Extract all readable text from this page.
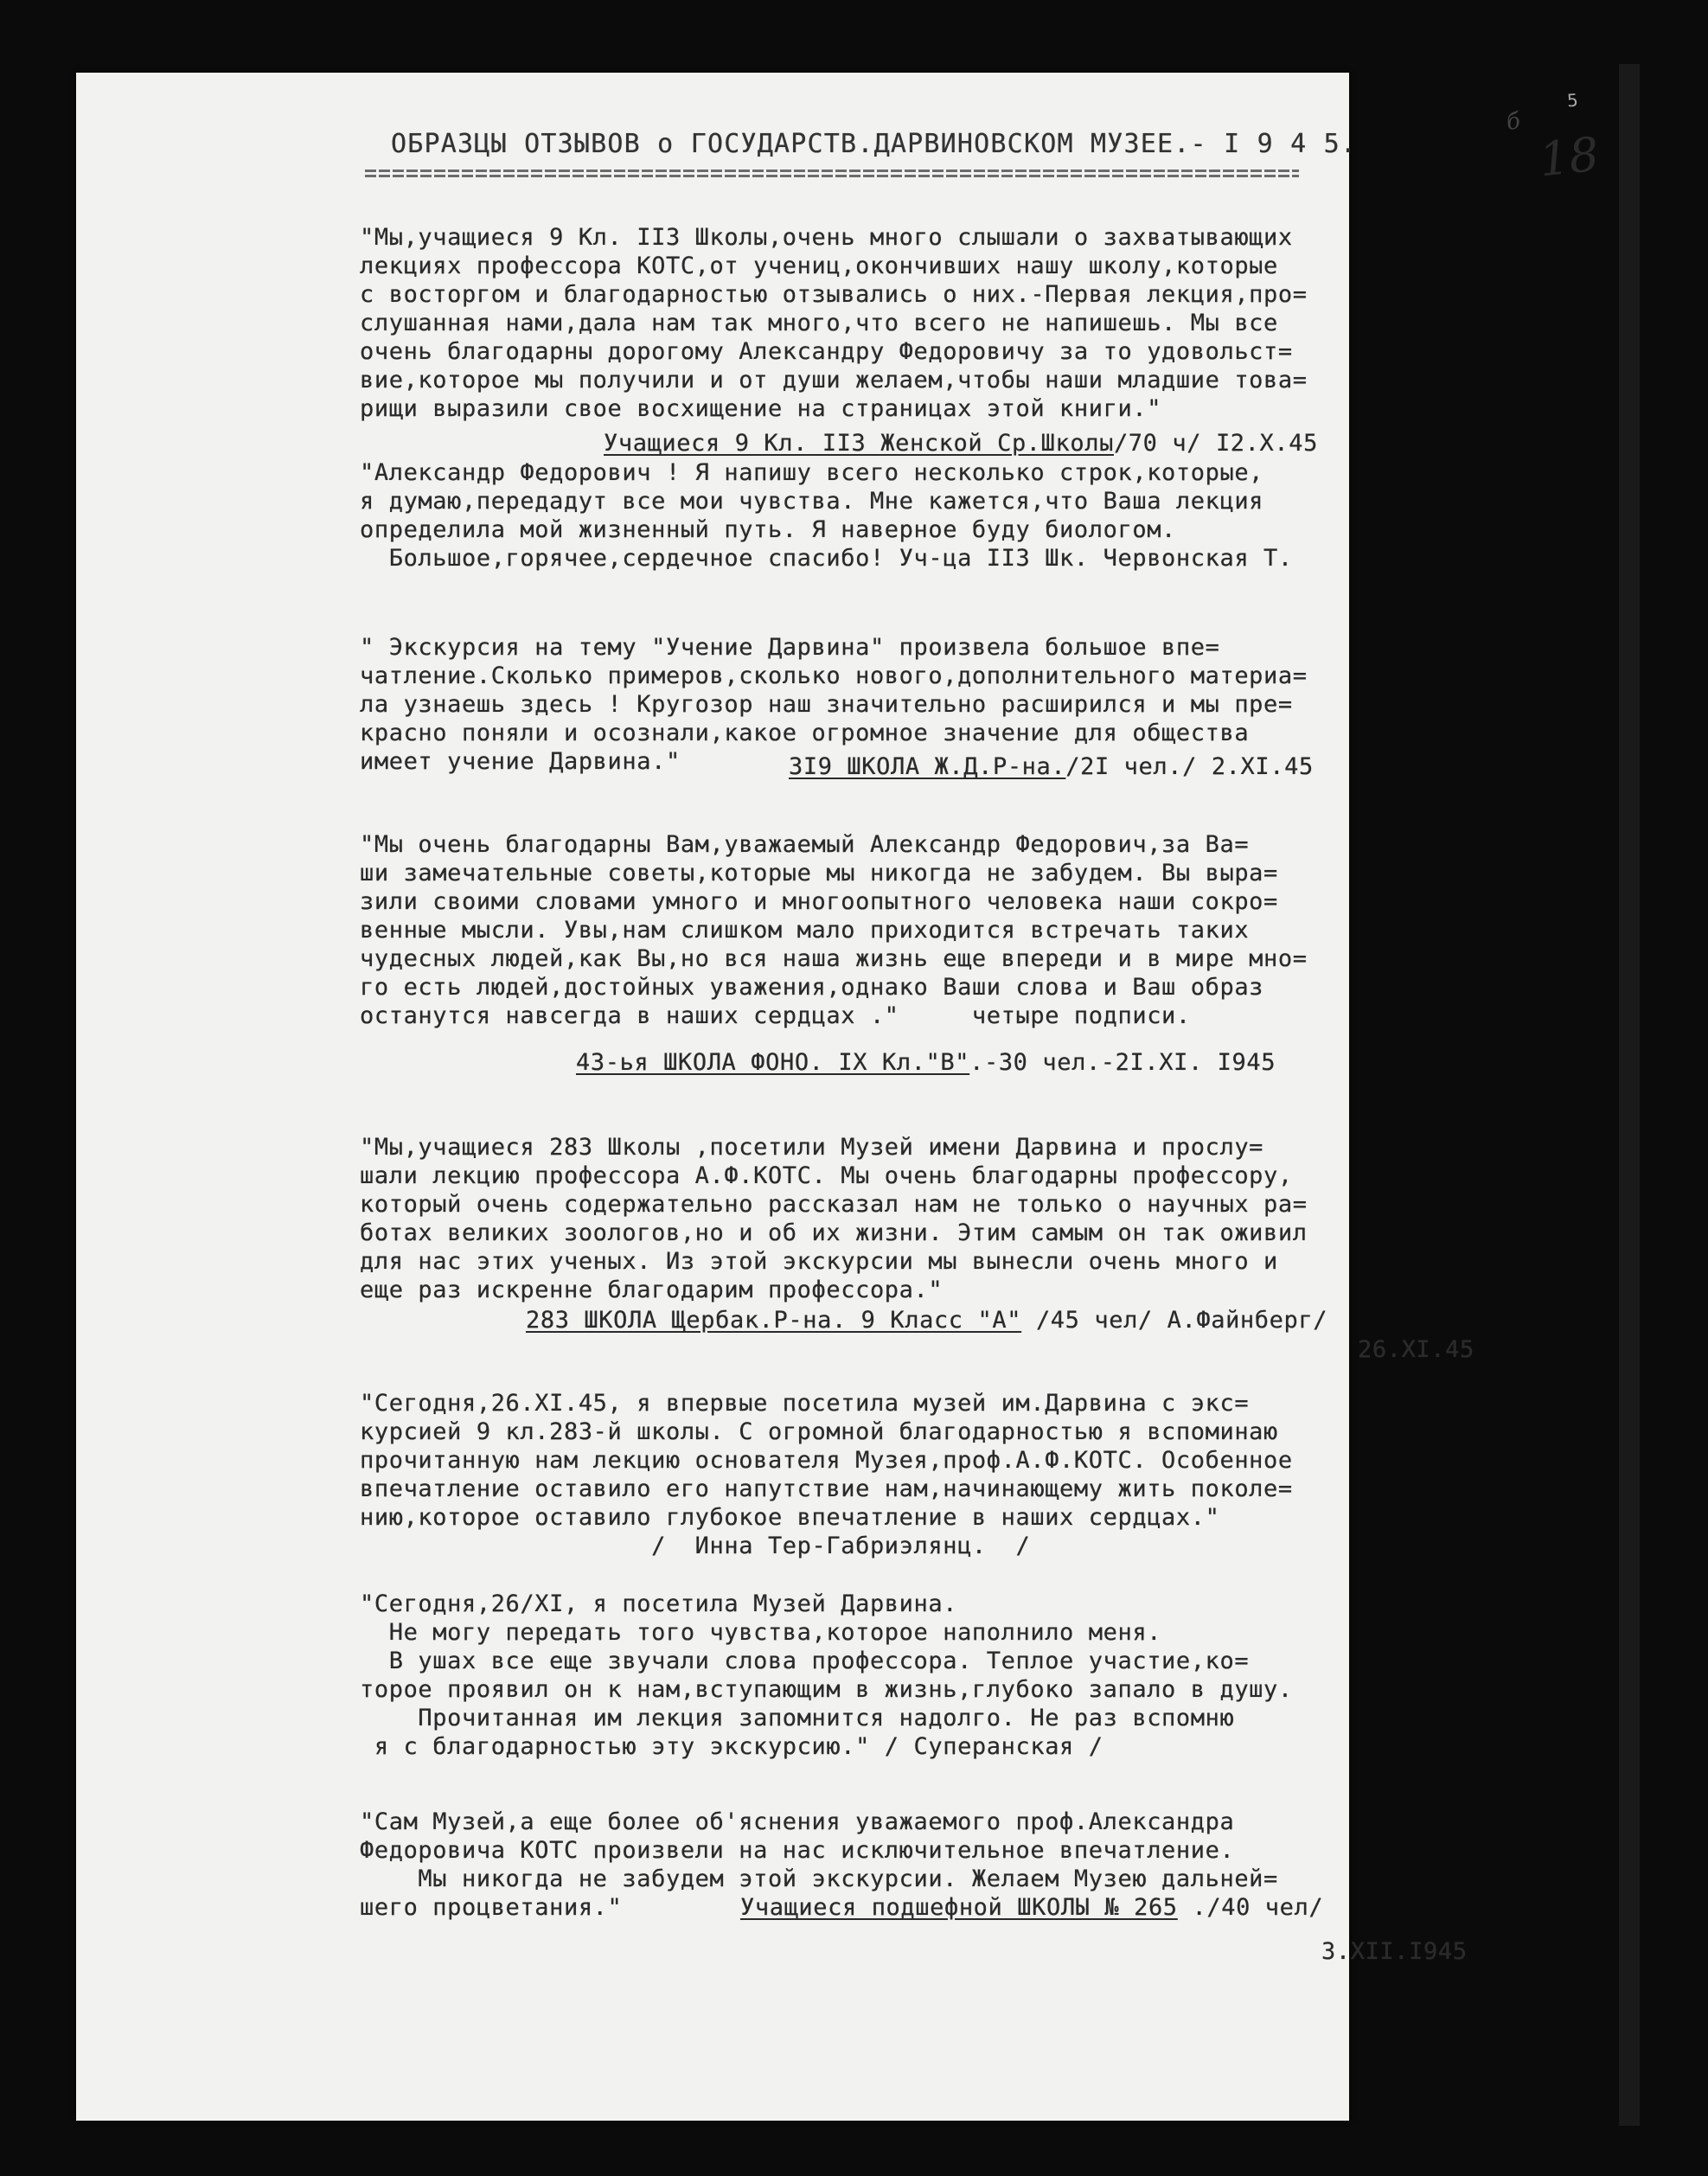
5
б
18
ОБРАЗЦЫ ОТЗЫВОВ о ГОСУДАРСТВ.ДАРВИНОВСКОМ МУЗЕЕ.- I 9 4 5.
"Мы,учащиеся 9 Кл. II3 Школы,очень много слышали о захватывающих
лекциях профессора КОТС,от учениц,окончивших нашу школу,которые
с восторгом и благодарностью отзывались о них.-Первая лекция,про=
слушанная нами,дала нам так много,что всего не напишешь. Мы все
очень благодарны дорогому Александру Федоровичу за то удовольст=
вие,которое мы получили и от души желаем,чтобы наши младшие това=
рищи выразили свое восхищение на страницах этой книги."
Учащиеся 9 Кл. II3 Женской Ср.Школы/70 ч/ I2.X.45
"Александр Федорович ! Я напишу всего несколько строк,которые,
я думаю,передадут все мои чувства. Мне кажется,что Ваша лекция
определила мой жизненный путь. Я наверное буду биологом.
Большое,горячее,сердечное спасибо! Уч-ца II3 Шк. Червонская Т.
" Экскурсия на тему "Учение Дарвина" произвела большое впе=
чатление.Сколько примеров,сколько нового,дополнительного материа=
ла узнаешь здесь ! Кругозор наш значительно расширился и мы пре=
красно поняли и осознали,какое огромное значение для общества
имеет учение Дарвина."	3I9 ШКОЛА Ж.Д.Р-на./2I чел./ 2.XI.45
"Мы очень благодарны Вам,уважаемый Александр Федорович,за Ва=
ши замечательные советы,которые мы никогда не забудем. Вы выра=
зили своими словами умного и многоопытного человека наши сокро=
венные мысли. Увы,нам слишком мало приходится встречать таких
чудесных людей,как Вы,но вся наша жизнь еще впереди и в мире мно=
го есть людей,достойных уважения,однако Ваши слова и Ваш образ
останутся навсегда в наших сердцах ."     четыре подписи.
43-ья ШКОЛА ФОНО. IX Кл."В".-30 чел.-2I.XI. I945
"Мы,учащиеся 283 Школы ,посетили Музей имени Дарвина и прослу=
шали лекцию профессора А.Ф.КОТС. Мы очень благодарны профессору,
который очень содержательно рассказал нам не только о научных ра=
ботах великих зоологов,но и об их жизни. Этим самым он так оживил
для нас этих ученых. Из этой экскурсии мы вынесли очень много и
еще раз искренне благодарим профессора."
283 ШКОЛА Щербак.Р-на. 9 Класс "А" /45 чел/ А.Файнберг/
26.XI.45
"Сегодня,26.XI.45, я впервые посетила музей им.Дарвина с экс=
курсией 9 кл.283-й школы. С огромной благодарностью я вспоминаю
прочитанную нам лекцию основателя Музея,проф.А.Ф.КОТС. Особенное
впечатление оставило его напутствие нам,начинающему жить поколе=
нию,которое оставило глубокое впечатление в наших сердцах."
/  Инна Тер-Габриэлянц.  /
"Сегодня,26/XI, я посетила Музей Дарвина.
Не могу передать того чувства,которое наполнило меня.
В ушах все еще звучали слова профессора. Теплое участие,ко=
торое проявил он к нам,вступающим в жизнь,глубоко запало в душу.
Прочитанная им лекция запомнится надолго. Не раз вспомню
я с благодарностью эту экскурсию." / Суперанская /
"Сам Музей,а еще более об'яснения уважаемого проф.Александра
Федоровича КОТС произвели на нас исключительное впечатление.
Мы никогда не забудем этой экскурсии. Желаем Музею дальней=
шего процветания."	Учащиеся подшефной ШКОЛЫ № 265 ./40 чел/
3.XII.I945
